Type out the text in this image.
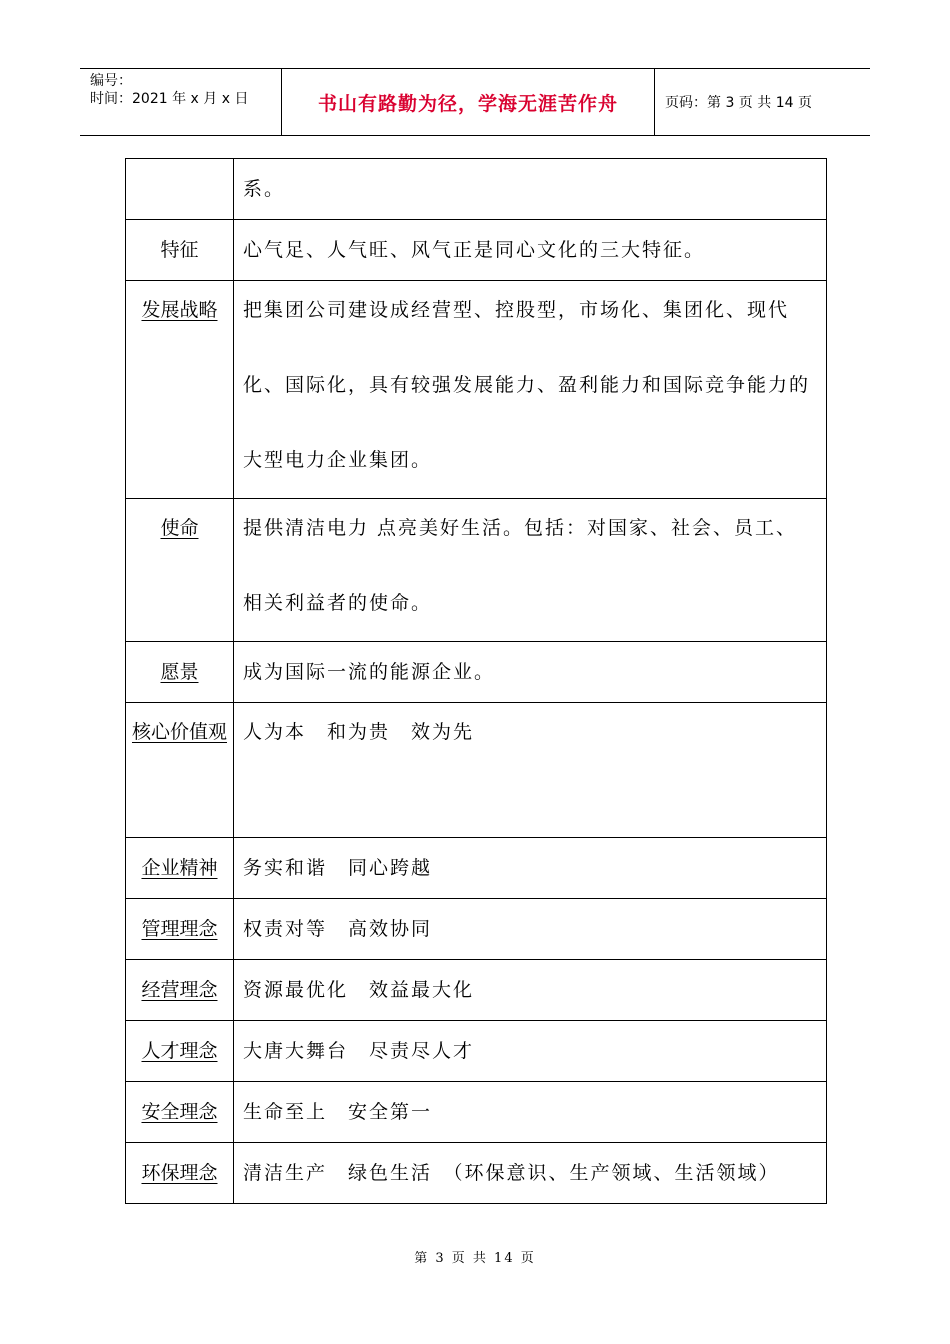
编号：
时间：2021 年 x 月 x 日	书山有路勤为径，学海无涯苦作舟	页码：第 3 页 共 14 页

	系。

特征	心气足、人气旺、风气正是同心文化的三大特征。

发展战略	把集团公司建设成经营型、控股型，市场化、集团化、现代化、国际化，具有较强发展能力、盈利能力和国际竞争能力的大型电力企业集团。

使命	提供清洁电力 点亮美好生活。包括：对国家、社会、员工、相关利益者的使命。

愿景	成为国际一流的能源企业。

核心价值观	人为本　和为贵　效为先

企业精神	务实和谐　同心跨越

管理理念	权责对等　高效协同

经营理念	资源最优化　效益最大化

人才理念	大唐大舞台　尽责尽人才

安全理念	生命至上　安全第一

环保理念	清洁生产　绿色生活　（环保意识、生产领域、生活领域）
第 3 页 共 14 页
